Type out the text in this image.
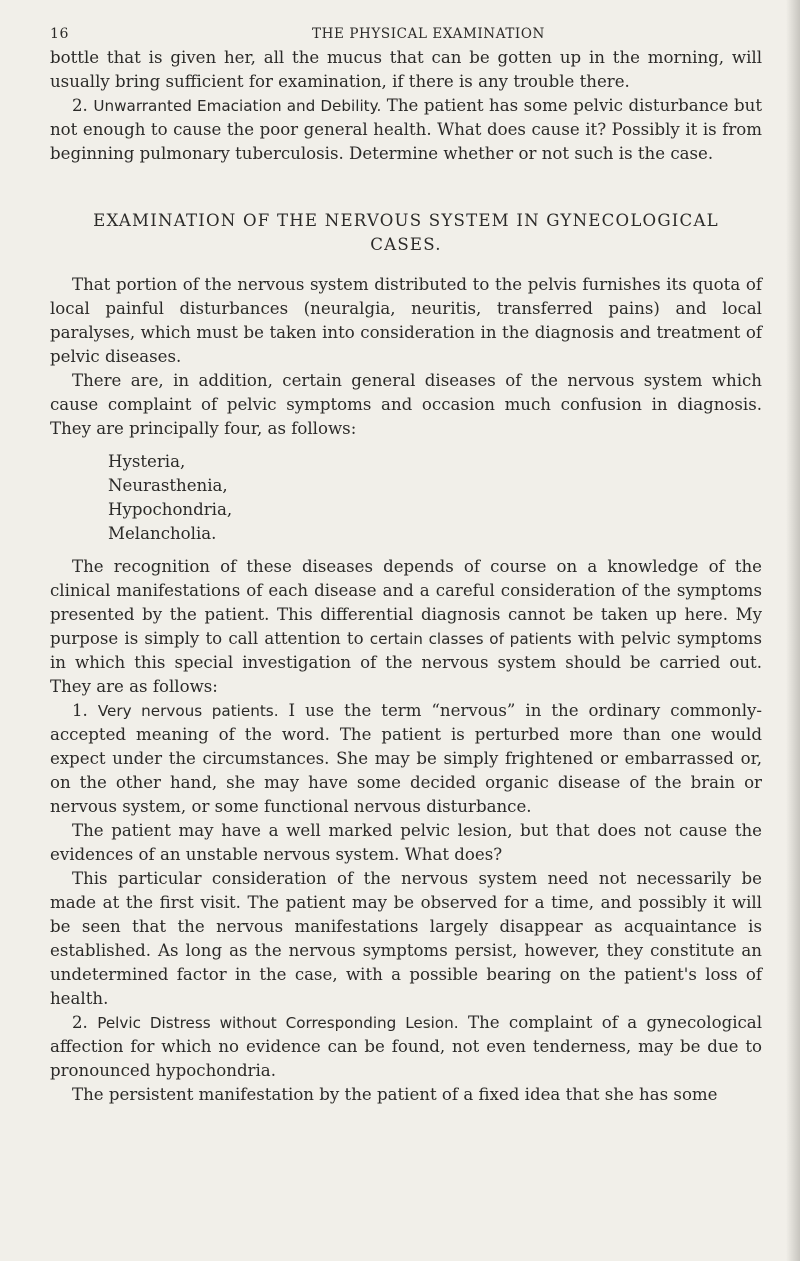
16	THE PHYSICAL EXAMINATION

bottle that is given her, all the mucus that can be gotten up in the morning, will usually bring sufficient for examination, if there is any trouble there.

2. Unwarranted Emaciation and Debility. The patient has some pelvic disturbance but not enough to cause the poor general health. What does cause it? Possibly it is from beginning pulmonary tuberculosis. Determine whether or not such is the case.

EXAMINATION OF THE NERVOUS SYSTEM IN GYNECOLOGICAL
CASES.

That portion of the nervous system distributed to the pelvis furnishes its quota of local painful disturbances (neuralgia, neuritis, transferred pains) and local paralyses, which must be taken into consideration in the diagnosis and treatment of pelvic diseases.

There are, in addition, certain general diseases of the nervous system which cause complaint of pelvic symptoms and occasion much confusion in diagnosis. They are principally four, as follows:

Hysteria,
Neurasthenia,
Hypochondria,
Melancholia.

The recognition of these diseases depends of course on a knowledge of the clinical manifestations of each disease and a careful consideration of the symptoms presented by the patient. This differential diagnosis cannot be taken up here. My purpose is simply to call attention to certain classes of patients with pelvic symptoms in which this special investigation of the nervous system should be carried out. They are as follows:

1. Very nervous patients. I use the term “nervous” in the ordinary commonly-accepted meaning of the word. The patient is perturbed more than one would expect under the circumstances. She may be simply frightened or embarrassed or, on the other hand, she may have some decided organic disease of the brain or nervous system, or some functional nervous disturbance.

The patient may have a well marked pelvic lesion, but that does not cause the evidences of an unstable nervous system. What does?

This particular consideration of the nervous system need not necessarily be made at the first visit. The patient may be observed for a time, and possibly it will be seen that the nervous manifestations largely disappear as acquaintance is established. As long as the nervous symptoms persist, however, they constitute an undetermined factor in the case, with a possible bearing on the patient's loss of health.

2. Pelvic Distress without Corresponding Lesion. The complaint of a gynecological affection for which no evidence can be found, not even tenderness, may be due to pronounced hypochondria.

The persistent manifestation by the patient of a fixed idea that she has some
